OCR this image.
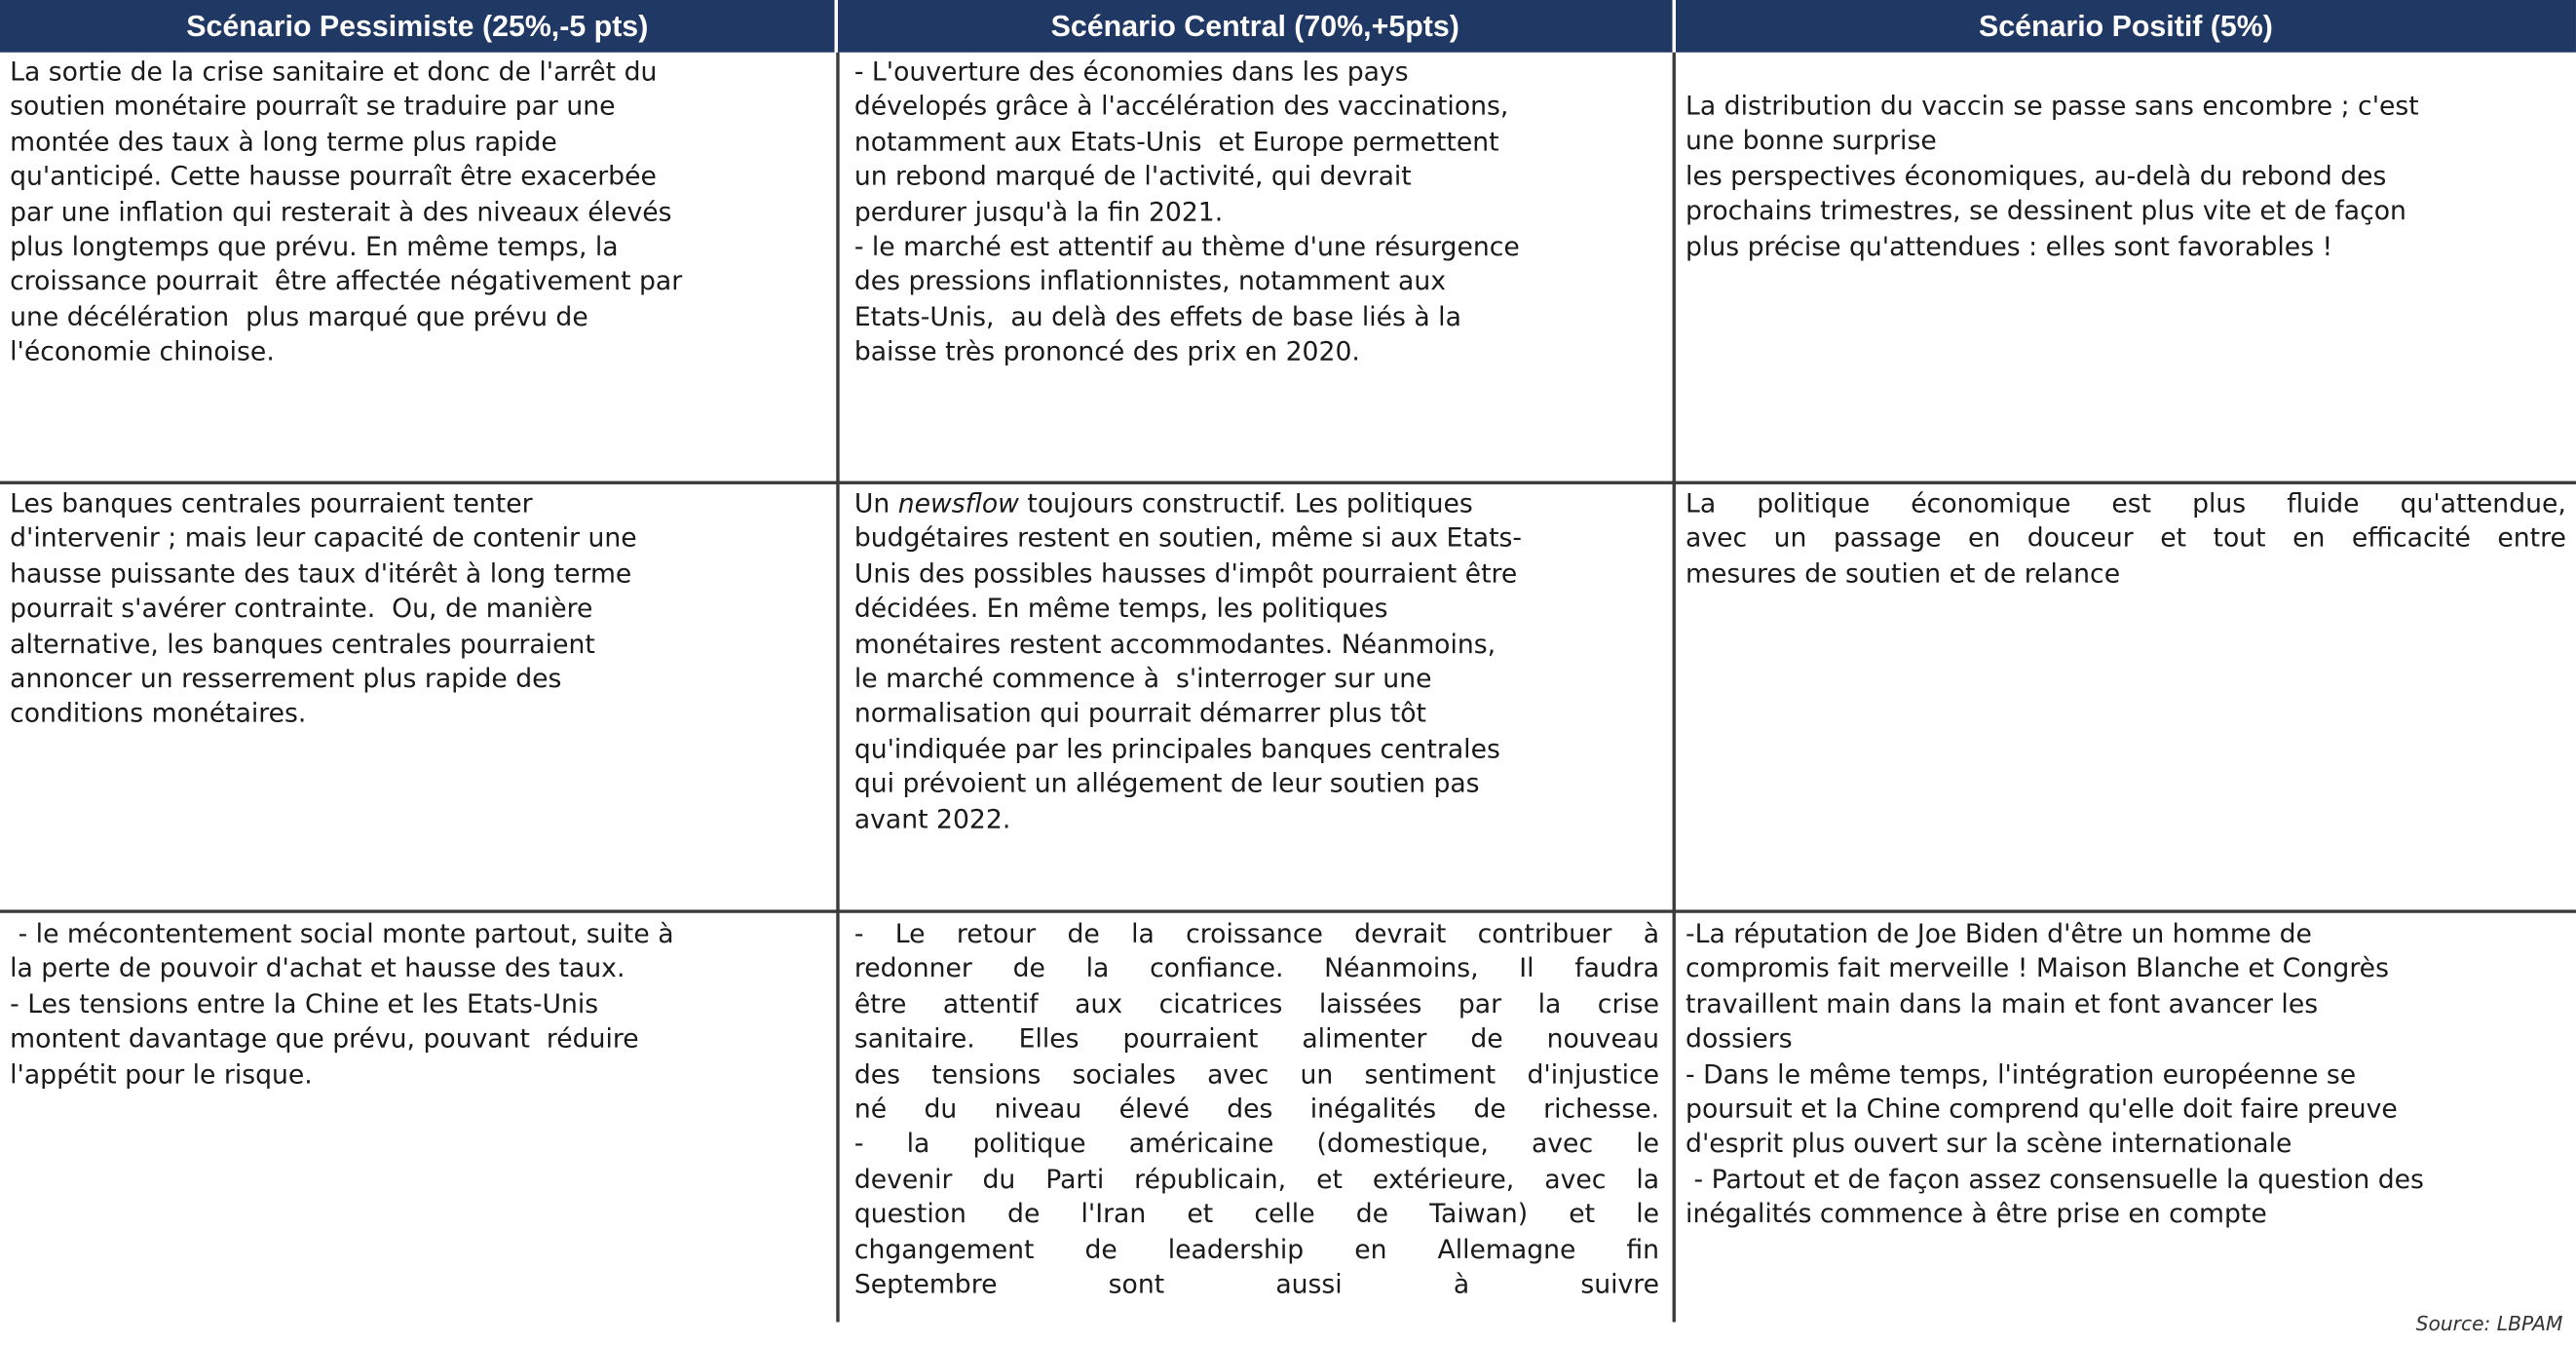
Scénario Pessimiste (25%,-5 pts)	Scénario Central (70%,+5pts)	Scénario Positif (5%)
La sortie de la crise sanitaire et donc de l'arrêt du
soutien monétaire pourraît se traduire par une
montée des taux à long terme plus rapide
qu'anticipé. Cette hausse pourraît être exacerbée
par une inflation qui resterait à des niveaux élevés
plus longtemps que prévu. En même temps, la
croissance pourrait  être affectée négativement par
une décélération  plus marqué que prévu de
l'économie chinoise.
- L'ouverture des économies dans les pays
dévelopés grâce à l'accélération des vaccinations,
notamment aux Etats-Unis  et Europe permettent
un rebond marqué de l'activité, qui devrait
perdurer jusqu'à la fin 2021.
- le marché est attentif au thème d'une résurgence
des pressions inflationnistes, notamment aux
Etats-Unis,  au delà des effets de base liés à la
baisse très prononcé des prix en 2020.
La distribution du vaccin se passe sans encombre ; c'est
une bonne surprise
les perspectives économiques, au-delà du rebond des
prochains trimestres, se dessinent plus vite et de façon
plus précise qu'attendues : elles sont favorables !
Les banques centrales pourraient tenter
d'intervenir ; mais leur capacité de contenir une
hausse puissante des taux d'itérêt à long terme
pourrait s'avérer contrainte.  Ou, de manière
alternative, les banques centrales pourraient
annoncer un resserrement plus rapide des
conditions monétaires.
Un newsflow toujours constructif. Les politiques
budgétaires restent en soutien, même si aux Etats-
Unis des possibles hausses d'impôt pourraient être
décidées. En même temps, les politiques
monétaires restent accommodantes. Néanmoins,
le marché commence à  s'interroger sur une
normalisation qui pourrait démarrer plus tôt
qu'indiquée par les principales banques centrales
qui prévoient un allégement de leur soutien pas
avant 2022.
La politique économique est plus fluide qu'attendue,
avec un passage en douceur et tout en efficacité entre
mesures de soutien et de relance
- le mécontentement social monte partout, suite à
la perte de pouvoir d'achat et hausse des taux.
- Les tensions entre la Chine et les Etats-Unis
montent davantage que prévu, pouvant  réduire
l'appétit pour le risque.
- Le retour de la croissance devrait contribuer à
redonner de la confiance. Néanmoins, Il faudra
être attentif aux cicatrices laissées par la crise
sanitaire. Elles pourraient alimenter de nouveau
des tensions sociales avec un sentiment d'injustice
né du niveau élevé des inégalités de richesse.
- la politique américaine (domestique, avec le
devenir du Parti républicain, et extérieure, avec la
question de l'Iran et celle de Taiwan) et le
chgangement de leadership en Allemagne fin
Septembre sont aussi à suivre
-La réputation de Joe Biden d'être un homme de
compromis fait merveille ! Maison Blanche et Congrès
travaillent main dans la main et font avancer les
dossiers
- Dans le même temps, l'intégration européenne se
poursuit et la Chine comprend qu'elle doit faire preuve
d'esprit plus ouvert sur la scène internationale
- Partout et de façon assez consensuelle la question des
inégalités commence à être prise en compte
Source: LBPAM
